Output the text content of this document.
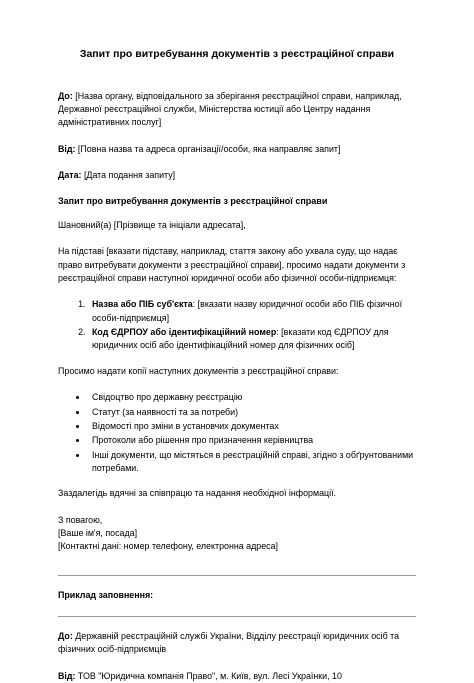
Запит про витребування документів з реєстраційної справи

До: [Назва органу, відповідального за зберігання реєстраційної справи, наприклад, Державної реєстраційної служби, Міністерства юстиції або Центру надання адміністративних послуг]

Від: [Повна назва та адреса організації/особи, яка направляє запит]

Дата: [Дата подання запиту]

Запит про витребування документів з реєстраційної справи

Шановний(а) [Прізвище та ініціали адресата],

На підставі [вказати підставу, наприклад, стаття закону або ухвала суду, що надає право витребувати документи з реєстраційної справи], просимо надати документи з реєстраційної справи наступної юридичної особи або фізичної особи-підприємця:

1. Назва або ПІБ суб'єкта: [вказати назву юридичної особи або ПІБ фізичної особи-підприємця]
2. Код ЄДРПОУ або ідентифікаційний номер: [вказати код ЄДРПОУ для юридичних осіб або ідентифікаційний номер для фізичних осіб]

Просимо надати копії наступних документів з реєстраційної справи:

• Свідоцтво про державну реєстрацію
• Статут (за наявності та за потреби)
• Відомості про зміни в установчих документах
• Протоколи або рішення про призначення керівництва
• Інші документи, що містяться в реєстраційній справі, згідно з обґрунтованими потребами.

Заздалегідь вдячні за співпрацю та надання необхідної інформації.

З повагою,

[Ваше ім'я, посада]

[Контактні дані: номер телефону, електронна адреса]

Приклад заповнення:

До: Державній реєстраційній службі України, Відділу реєстрації юридичних осіб та фізичних осіб-підприємців

Від: ТОВ "Юридична компанія Право", м. Київ, вул. Лесі Українки, 10
